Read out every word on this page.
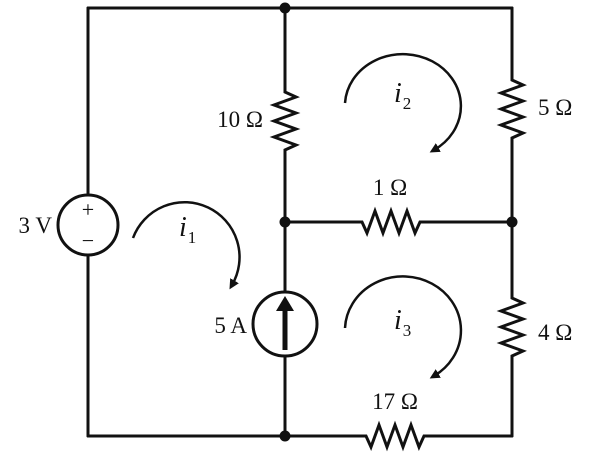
10 Ω	5 Ω
1 Ω
4 Ω
17 Ω
+
−
3 V
5 A
$i_1$
$i_2$
$i_3$
